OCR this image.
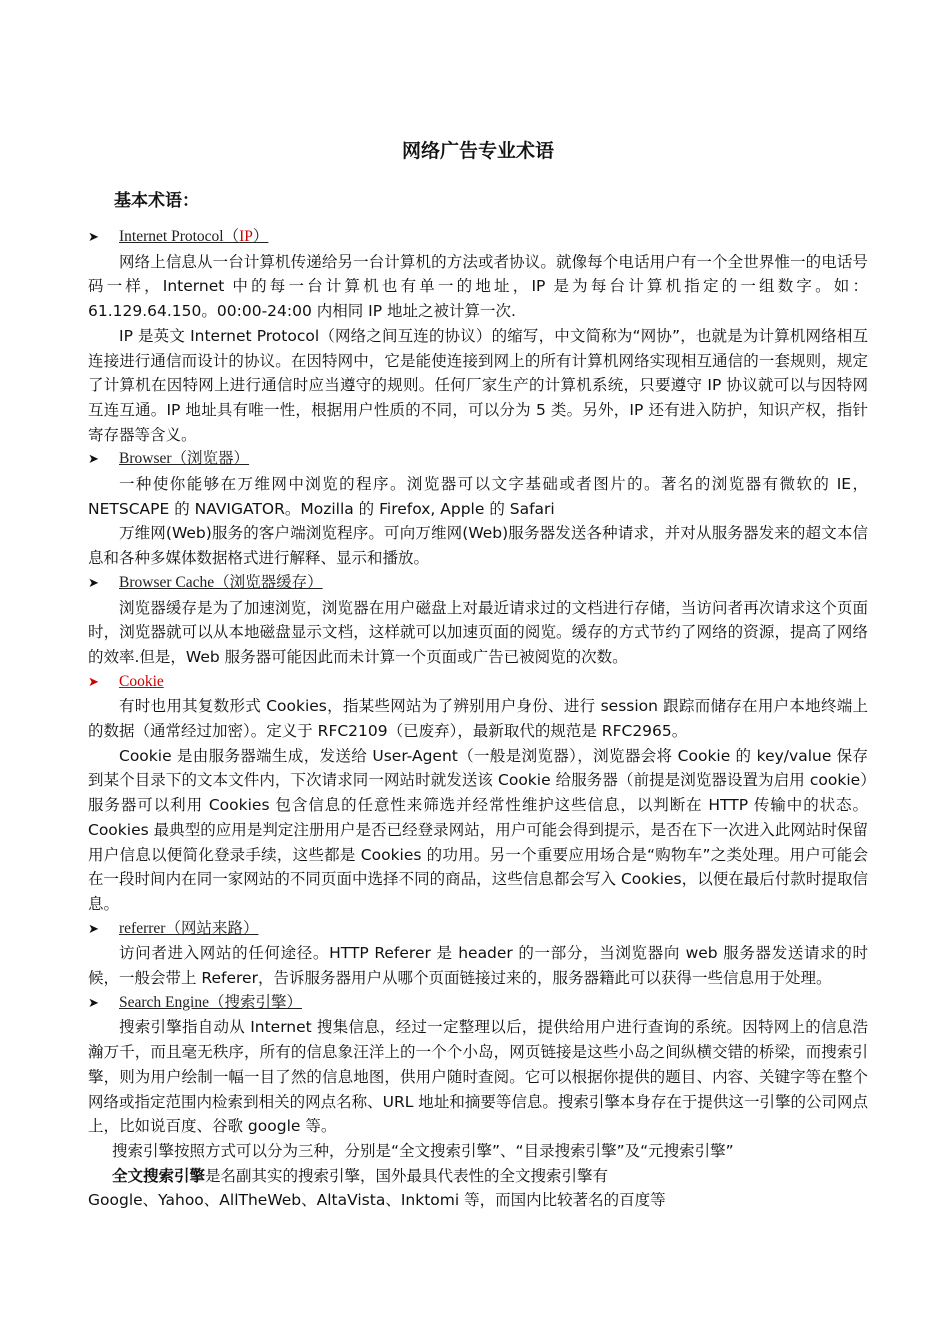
网络广告专业术语
基本术语：
➤	Internet Protocol（IP）

网络上信息从一台计算机传递给另一台计算机的方法或者协议。就像每个电话用户有一个全世界惟一的电话号码一样，Internet 中的每一台计算机也有单一的地址，IP 是为每台计算机指定的一组数字。如：61.129.64.150。00:00-24:00 内相同 IP 地址之被计算一次.

IP 是英文 Internet Protocol（网络之间互连的协议）的缩写，中文简称为“网协”，也就是为计算机网络相互连接进行通信而设计的协议。在因特网中，它是能使连接到网上的所有计算机网络实现相互通信的一套规则，规定了计算机在因特网上进行通信时应当遵守的规则。任何厂家生产的计算机系统，只要遵守 IP 协议就可以与因特网互连互通。IP 地址具有唯一性，根据用户性质的不同，可以分为 5 类。另外，IP 还有进入防护，知识产权，指针寄存器等含义。

➤	Browser（浏览器）

一种使你能够在万维网中浏览的程序。浏览器可以文字基础或者图片的。著名的浏览器有微软的 IE，NETSCAPE 的 NAVIGATOR。Mozilla 的 Firefox, Apple 的 Safari

万维网(Web)服务的客户端浏览程序。可向万维网(Web)服务器发送各种请求，并对从服务器发来的超文本信息和各种多媒体数据格式进行解释、显示和播放。

➤	Browser Cache（浏览器缓存）

浏览器缓存是为了加速浏览，浏览器在用户磁盘上对最近请求过的文档进行存储，当访问者再次请求这个页面时，浏览器就可以从本地磁盘显示文档，这样就可以加速页面的阅览。缓存的方式节约了网络的资源，提高了网络的效率.但是，Web 服务器可能因此而未计算一个页面或广告已被阅览的次数。

➤	Cookie

有时也用其复数形式 Cookies，指某些网站为了辨别用户身份、进行 session 跟踪而储存在用户本地终端上的数据（通常经过加密）。定义于 RFC2109（已废弃），最新取代的规范是 RFC2965。

Cookie 是由服务器端生成，发送给 User-Agent（一般是浏览器），浏览器会将 Cookie 的 key/value 保存到某个目录下的文本文件内，下次请求同一网站时就发送该 Cookie 给服务器（前提是浏览器设置为启用 cookie）服务器可以利用 Cookies 包含信息的任意性来筛选并经常性维护这些信息，以判断在 HTTP 传输中的状态。Cookies 最典型的应用是判定注册用户是否已经登录网站，用户可能会得到提示，是否在下一次进入此网站时保留用户信息以便简化登录手续，这些都是 Cookies 的功用。另一个重要应用场合是“购物车”之类处理。用户可能会在一段时间内在同一家网站的不同页面中选择不同的商品，这些信息都会写入 Cookies，以便在最后付款时提取信息。

➤	referrer（网站来路）

访问者进入网站的任何途径。HTTP Referer 是 header 的一部分，当浏览器向 web 服务器发送请求的时候，一般会带上 Referer，告诉服务器用户从哪个页面链接过来的，服务器籍此可以获得一些信息用于处理。

➤	Search Engine（搜索引擎）

搜索引擎指自动从 Internet 搜集信息，经过一定整理以后，提供给用户进行查询的系统。因特网上的信息浩瀚万千，而且毫无秩序，所有的信息象汪洋上的一个个小岛，网页链接是这些小岛之间纵横交错的桥梁，而搜索引擎，则为用户绘制一幅一目了然的信息地图，供用户随时查阅。它可以根据你提供的题目、内容、关键字等在整个网络或指定范围内检索到相关的网点名称、URL 地址和摘要等信息。搜索引擎本身存在于提供这一引擎的公司网点上，比如说百度、谷歌 google 等。

搜索引擎按照方式可以分为三种，分别是“全文搜索引擎”、“目录搜索引擎”及“元搜索引擎”

全文搜索引擎是名副其实的搜索引擎，国外最具代表性的全文搜索引擎有

Google、Yahoo、AllTheWeb、AltaVista、Inktomi 等，而国内比较著名的百度等
